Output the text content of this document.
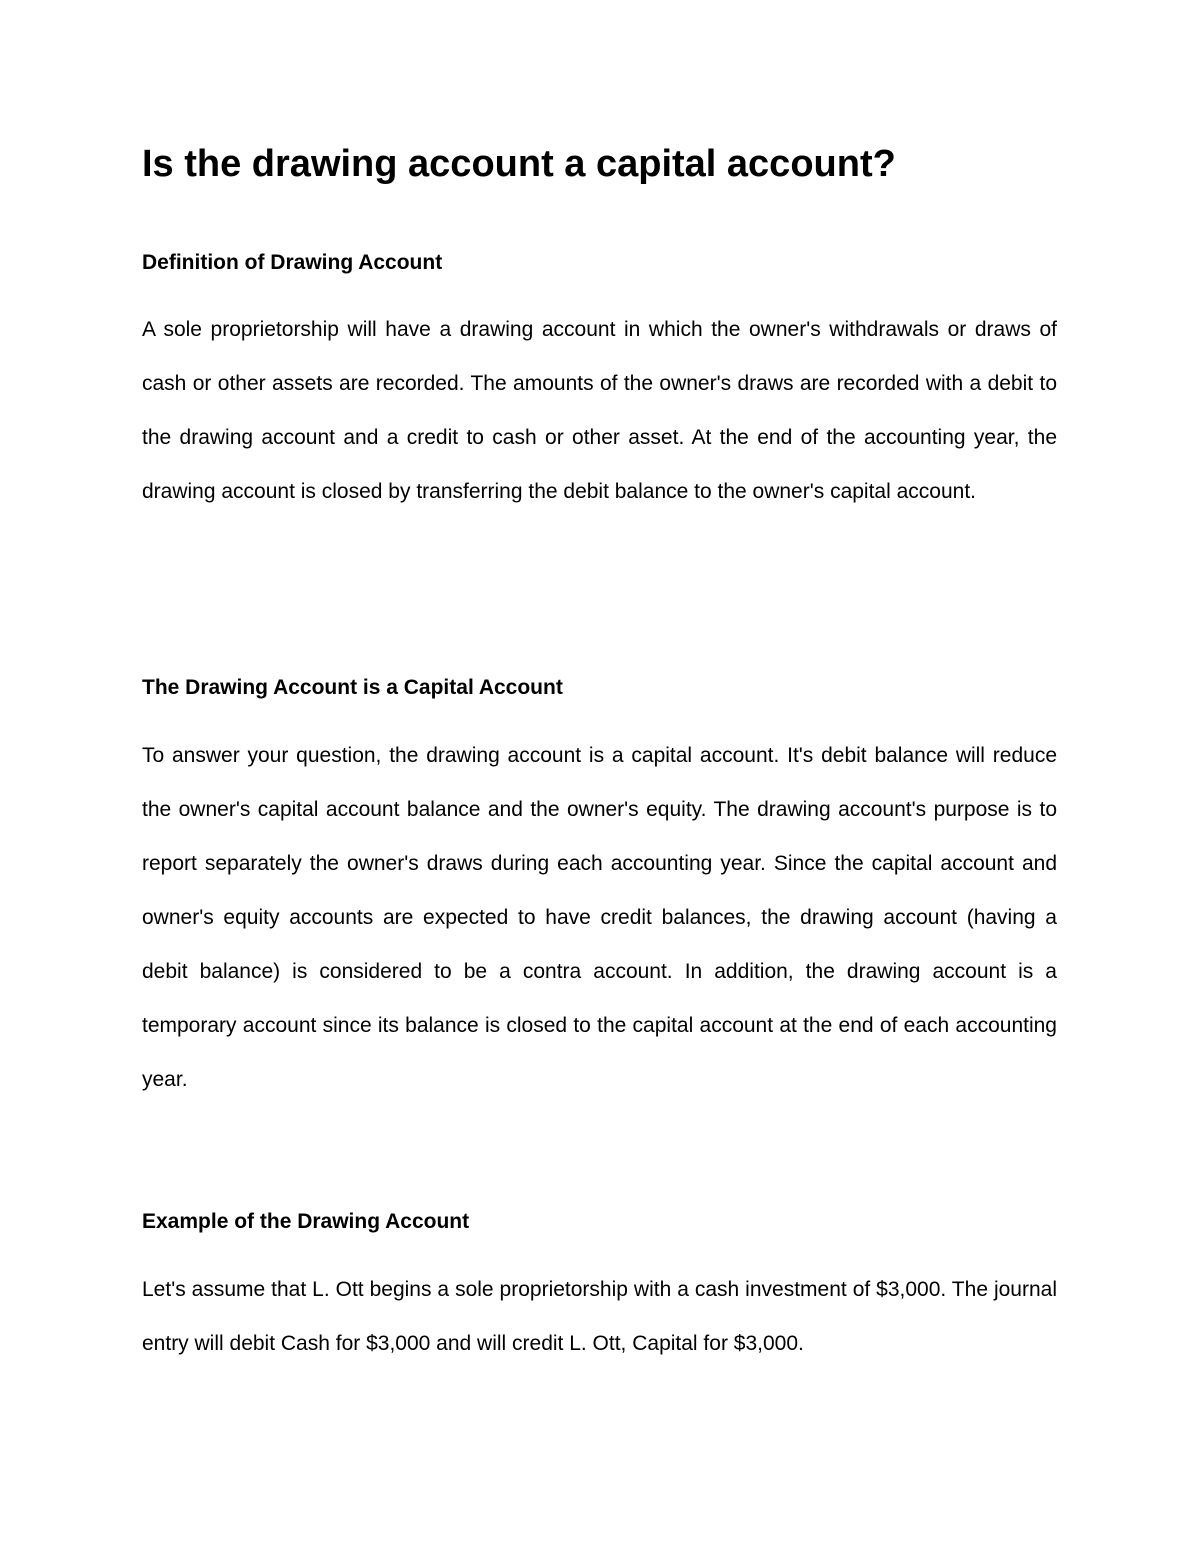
Is the drawing account a capital account?
Definition of Drawing Account

A sole proprietorship will have a drawing account in which the owner's withdrawals or draws of cash or other assets are recorded. The amounts of the owner's draws are recorded with a debit to the drawing account and a credit to cash or other asset. At the end of the accounting year, the drawing account is closed by transferring the debit balance to the owner's capital account.

The Drawing Account is a Capital Account

To answer your question, the drawing account is a capital account. It's debit balance will reduce the owner's capital account balance and the owner's equity. The drawing account's purpose is to report separately the owner's draws during each accounting year. Since the capital account and owner's equity accounts are expected to have credit balances, the drawing account (having a debit balance) is considered to be a contra account. In addition, the drawing account is a temporary account since its balance is closed to the capital account at the end of each accounting year.

Example of the Drawing Account

Let's assume that L. Ott begins a sole proprietorship with a cash investment of $3,000. The journal entry will debit Cash for $3,000 and will credit L. Ott, Capital for $3,000.
